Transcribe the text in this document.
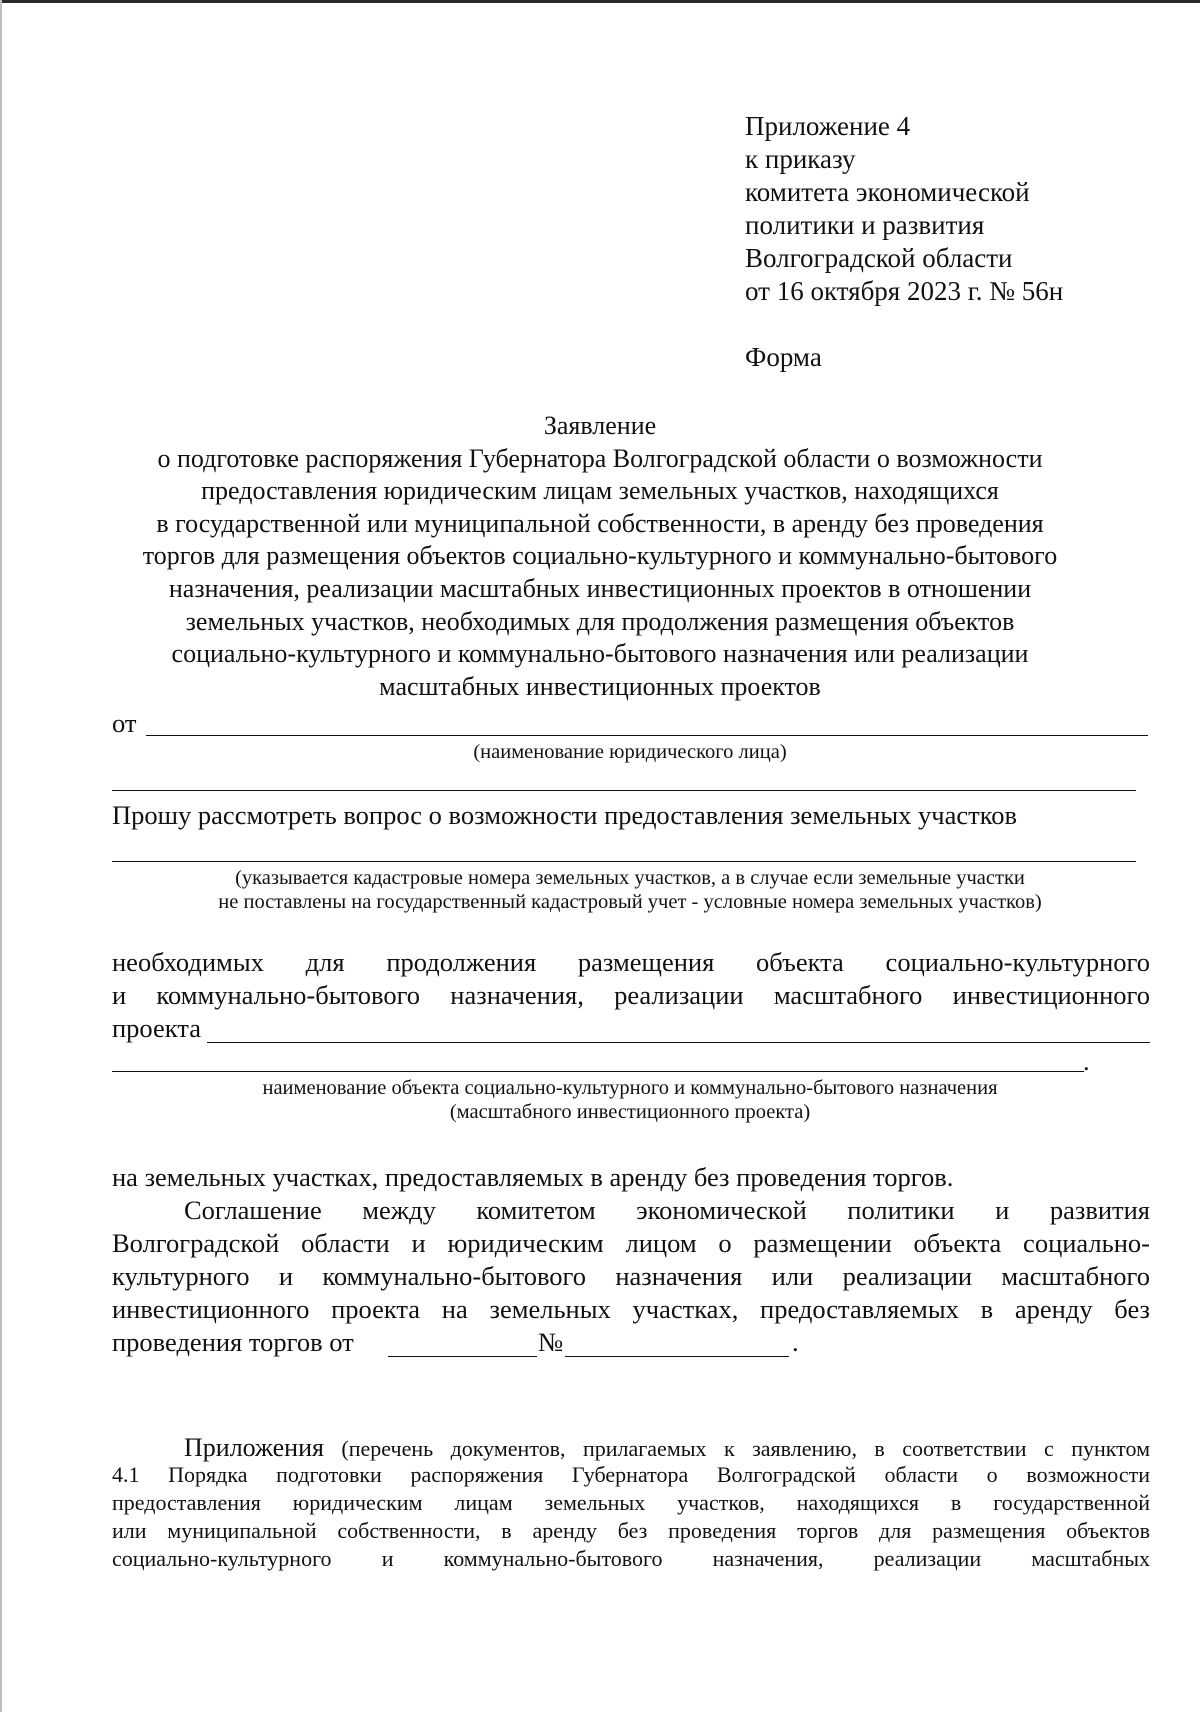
Приложение 4
к приказу
комитета экономической
политики и развития
Волгоградской области
от 16 октября 2023 г. № 56н
Форма
Заявление
о подготовке распоряжения Губернатора Волгоградской области о возможности
предоставления юридическим лицам земельных участков, находящихся
в государственной или муниципальной собственности, в аренду без проведения
торгов для размещения объектов социально-культурного и коммунально-бытового
назначения, реализации масштабных инвестиционных проектов в отношении
земельных участков, необходимых для продолжения размещения объектов
социально-культурного и коммунально-бытового назначения или реализации
масштабных инвестиционных проектов
от
(наименование юридического лица)
Прошу рассмотреть вопрос о возможности предоставления земельных участков
(указывается кадастровые номера земельных участков, а в случае если земельные участки
не поставлены на государственный кадастровый учет - условные номера земельных участков)
необходимых для продолжения размещения объекта социально-культурного
и коммунально-бытового назначения, реализации масштабного инвестиционного
проекта
.
наименование объекта социально-культурного и коммунально-бытового назначения
(масштабного инвестиционного проекта)
на земельных участках, предоставляемых в аренду без проведения торгов.
Соглашение между комитетом экономической политики и развития
Волгоградской области и юридическим лицом о размещении объекта социально-
культурного и коммунально-бытового назначения или реализации масштабного
инвестиционного проекта на земельных участках, предоставляемых в аренду без
проведения торгов от	№	.
Приложения (перечень документов, прилагаемых к заявлению, в соответствии с пунктом
4.1 Порядка подготовки распоряжения Губернатора Волгоградской области о возможности
предоставления юридическим лицам земельных участков, находящихся в государственной
или муниципальной собственности, в аренду без проведения торгов для размещения объектов
социально-культурного и коммунально-бытового назначения, реализации масштабных
